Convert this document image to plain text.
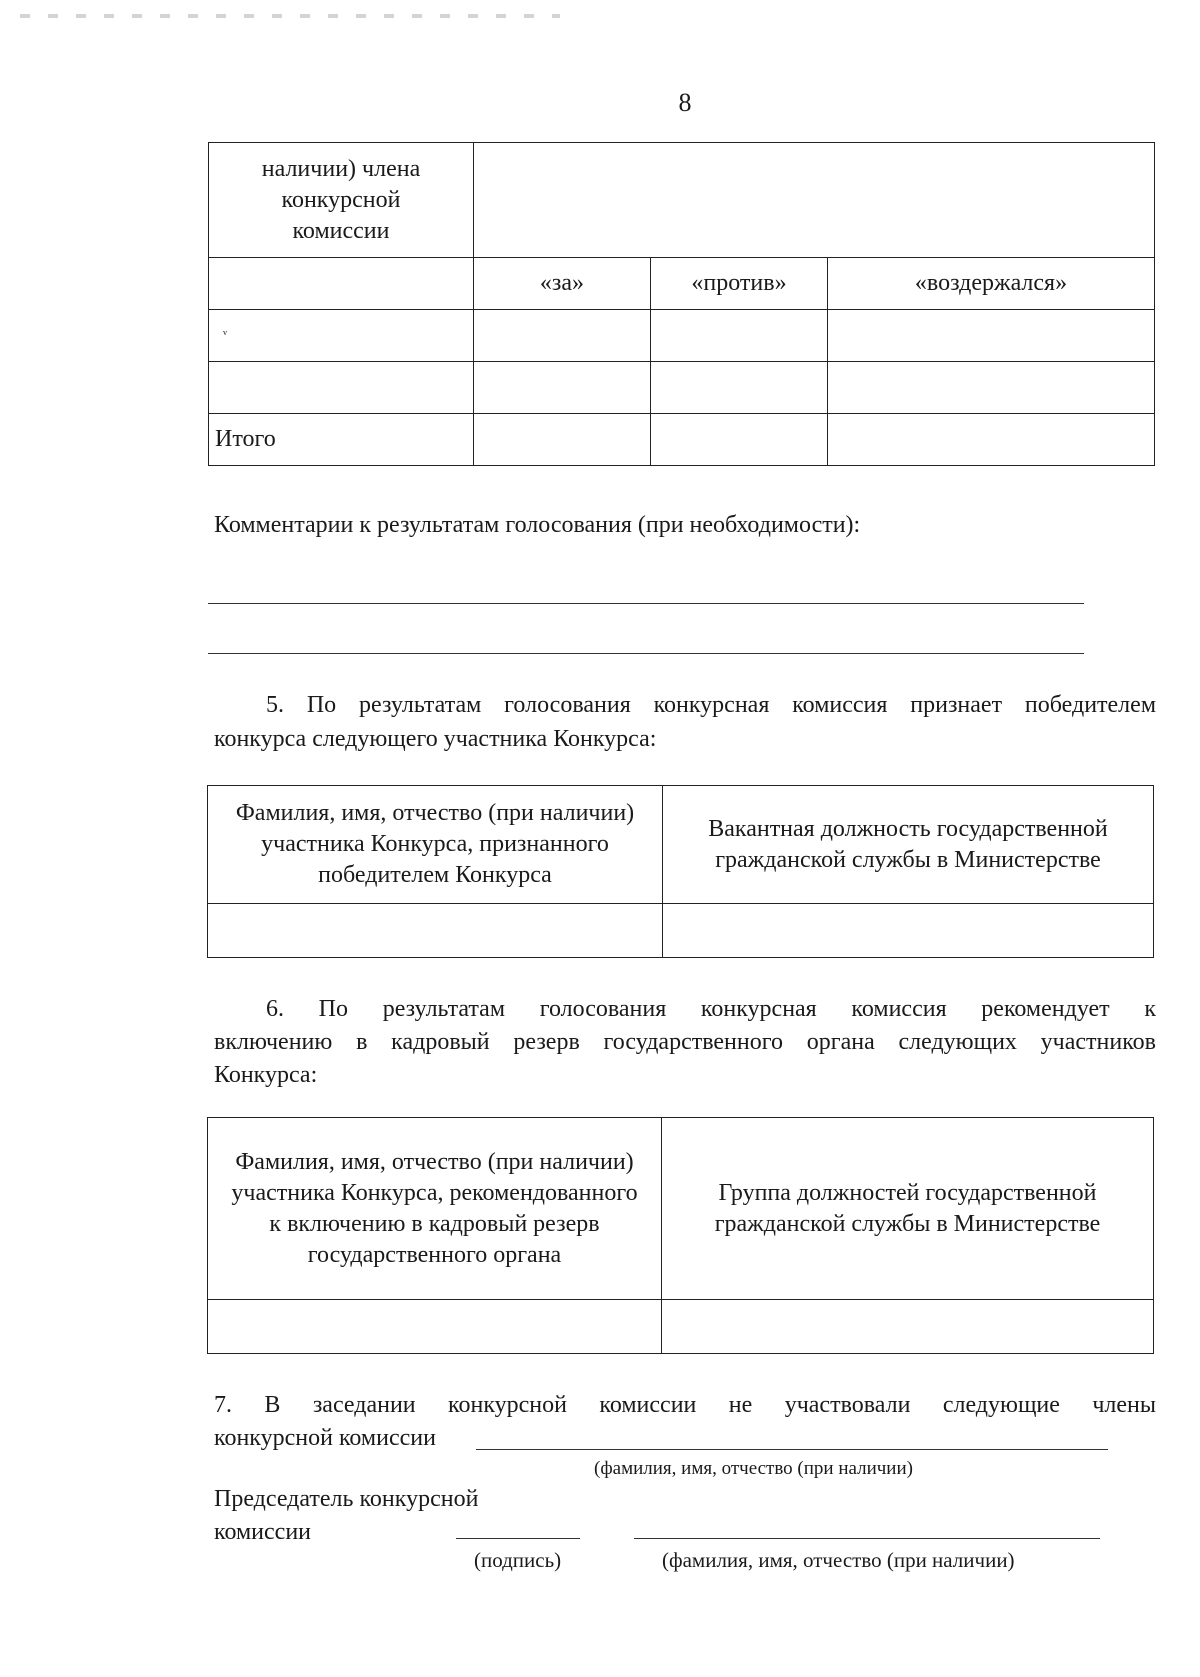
8
наличии) члена конкурсной комиссии			
	«за»	«против»	«воздержался»
ᵛ			

Итого			
Комментарии к результатам голосования (при необходимости):
5. По результатам голосования конкурсная комиссия признает победителем
конкурса следующего участника Конкурса:
Фамилия, имя, отчество (при наличии) участника Конкурса, признанного победителем Конкурса	Вакантная должность государственной гражданской службы в Министерстве

6. По результатам голосования конкурсная комиссия рекомендует к
включению в кадровый резерв государственного органа следующих участников
Конкурса:
Фамилия, имя, отчество (при наличии) участника Конкурса, рекомендованного к включению в кадровый резерв государственного органа	Группа должностей государственной гражданской службы в Министерстве

7. В заседании конкурсной комиссии не участвовали следующие члены
конкурсной комиссии
(фамилия, имя, отчество (при наличии)
Председатель конкурсной
комиссии
(подпись)	(фамилия, имя, отчество (при наличии)
